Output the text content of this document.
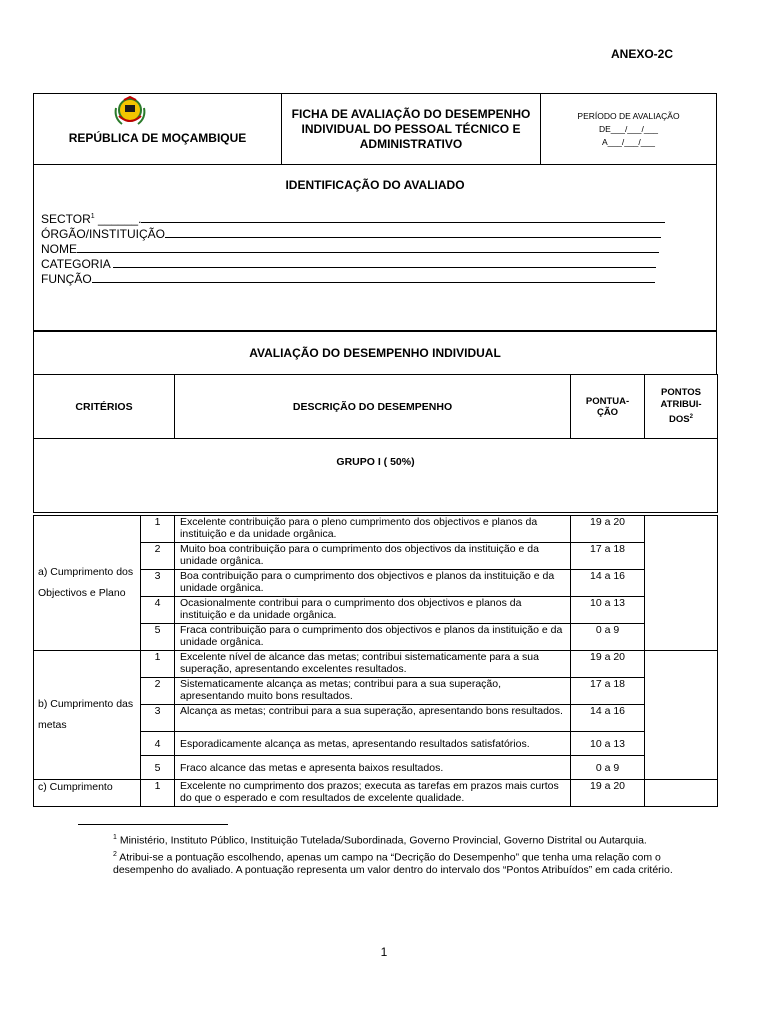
ANEXO-2C
REPÚBLICA DE MOÇAMBIQUE

FICHA DE AVALIAÇÃO DO DESEMPENHO
INDIVIDUAL DO PESSOAL TÉCNICO E
ADMINISTRATIVO

PERÍODO DE AVALIAÇÃO
DE___/___/___
A___/___/___
IDENTIFICAÇÃO DO AVALIADO
SECTOR$^1$ ______.
ÓRGÃO/INSTITUIÇÃO
NOME
CATEGORIA
FUNÇÃO
AVALIAÇÃO DO DESEMPENHO INDIVIDUAL
CRITÉRIOS		DESCRIÇÃO DO DESEMPENHO	PONTUA-
ÇÃO	PONTOS
ATRIBUI-
DOS$^2$

GRUPO I ( 50%)				

a) Cumprimento dos Objectivos e Plano	1	Excelente contribuição para o pleno cumprimento dos objectivos e planos da instituição e da unidade orgânica.	19 a 20	
	2	Muito boa contribuição para o cumprimento dos objectivos da instituição e da unidade orgânica.	17 a 18	
	3	Boa contribuição para o cumprimento dos objectivos e planos da instituição e da unidade orgânica.	14 a 16	
	4	Ocasionalmente contribui para o cumprimento dos objectivos e planos da instituição e da unidade orgânica.	10 a 13	
	5	Fraca contribuição para o cumprimento dos objectivos e planos da instituição e da unidade orgânica.	0 a 9	
b) Cumprimento das metas	1	Excelente nível de alcance das metas; contribui sistematicamente para a sua superação, apresentando excelentes resultados.	19 a 20	
	2	Sistematicamente alcança as metas; contribui para a sua superação, apresentando muito bons resultados.	17 a 18	
	3	Alcança as metas; contribui para a sua superação, apresentando bons resultados.	14 a 16	
	4	Esporadicamente alcança as metas, apresentando resultados satisfatórios.	10 a 13	
	5	Fraco alcance das metas e apresenta baixos resultados.	0 a 9	
c) Cumprimento	1	Excelente no cumprimento dos prazos; executa as tarefas em prazos mais curtos do que o esperado e com resultados de excelente qualidade.	19 a 20	
$^1$ Ministério, Instituto Público, Instituição Tutelada/Subordinada, Governo Provincial, Governo Distrital ou Autarquia.
$^2$ Atribui-se a pontuação escolhendo, apenas um campo na “Decrição do Desempenho” que tenha uma relação com o desempenho do avaliado. A pontuação representa um valor dentro do intervalo dos “Pontos Atribuídos” em cada critério.
1
